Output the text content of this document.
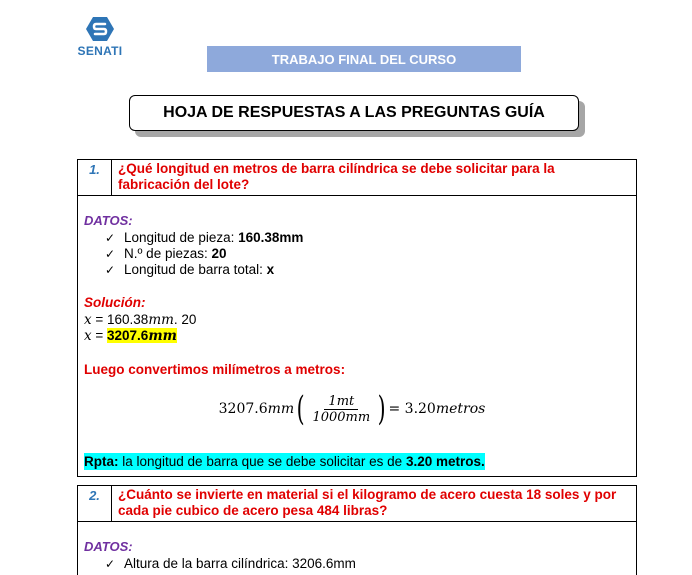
SENATI
TRABAJO FINAL DEL CURSO
HOJA DE RESPUESTAS A LAS PREGUNTAS GUÍA
1.	¿Qué longitud en metros de barra cilíndrica se debe solicitar para la fabricación del lote?
DATOS:
✓ Longitud de pieza: 160.38mm
✓ N.º de piezas: 20
✓ Longitud de barra total: x
Solución:
x = 160.38mm. 20
x = 3207.6mm
Luego convertimos milímetros a metros:
3207.6 mm ( $\frac{1mt}{1000mm}$ ) = 3.20 metros
Rpta: la longitud de barra que se debe solicitar es de 3.20 metros.
2.	¿Cuánto se invierte en material si el kilogramo de acero cuesta 18 soles y por cada pie cubico de acero pesa 484 libras?
DATOS:
✓ Altura de la barra cilíndrica: 3206.6mm
